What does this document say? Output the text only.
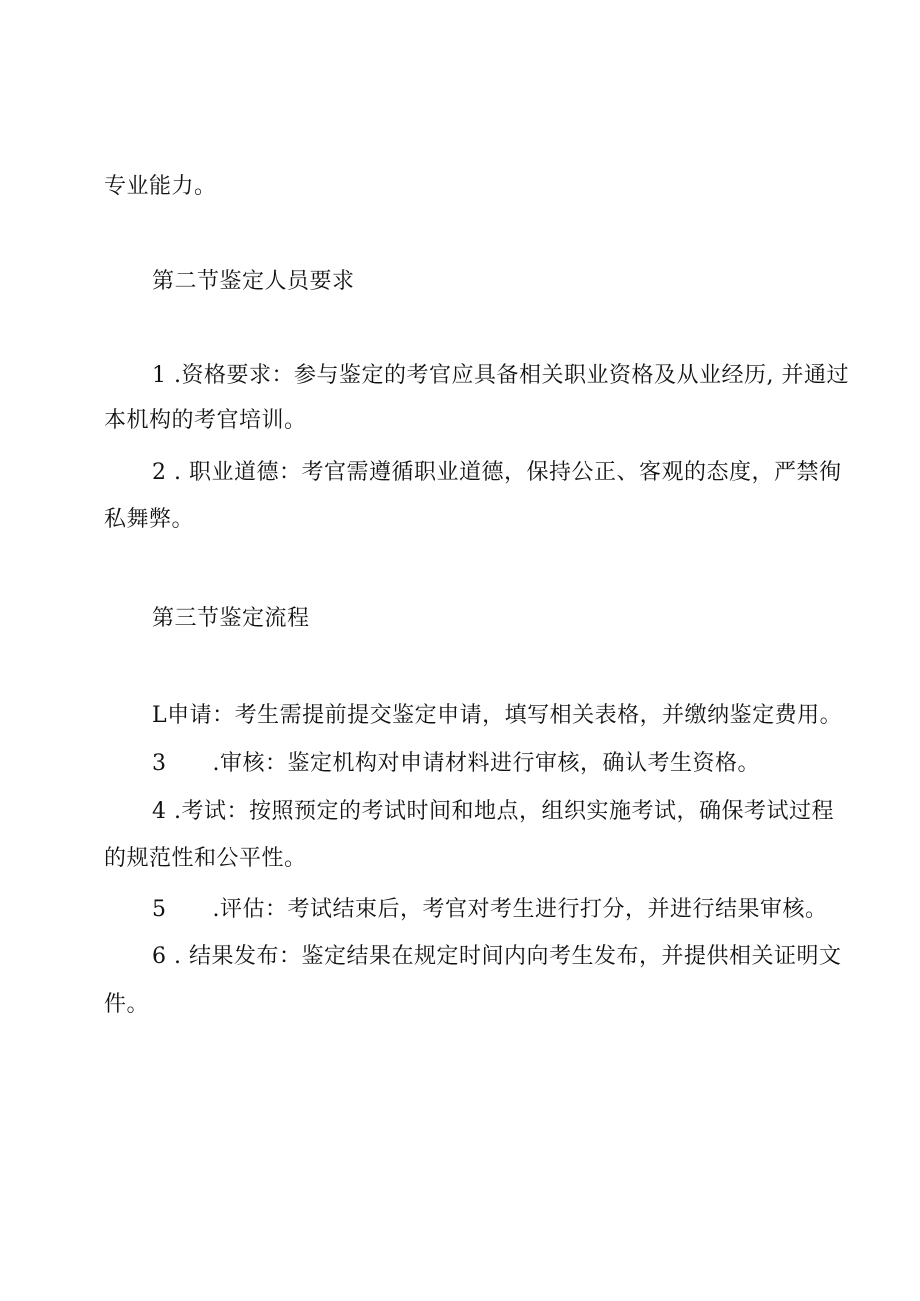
专业能力。
第二节鉴定人员要求
1 .资格要求：参与鉴定的考官应具备相关职业资格及从业经历, 并通过
本机构的考官培训。
2 . 职业道德：考官需遵循职业道德，保持公正、客观的态度，严禁徇
私舞弊。
第三节鉴定流程
L申请：考生需提前提交鉴定申请，填写相关表格，并缴纳鉴定费用。
3 .审核：鉴定机构对申请材料进行审核，确认考生资格。
4 .考试：按照预定的考试时间和地点，组织实施考试，确保考试过程
的规范性和公平性。
5 .评估：考试结束后，考官对考生进行打分，并进行结果审核。
6 . 结果发布：鉴定结果在规定时间内向考生发布，并提供相关证明文
件。
